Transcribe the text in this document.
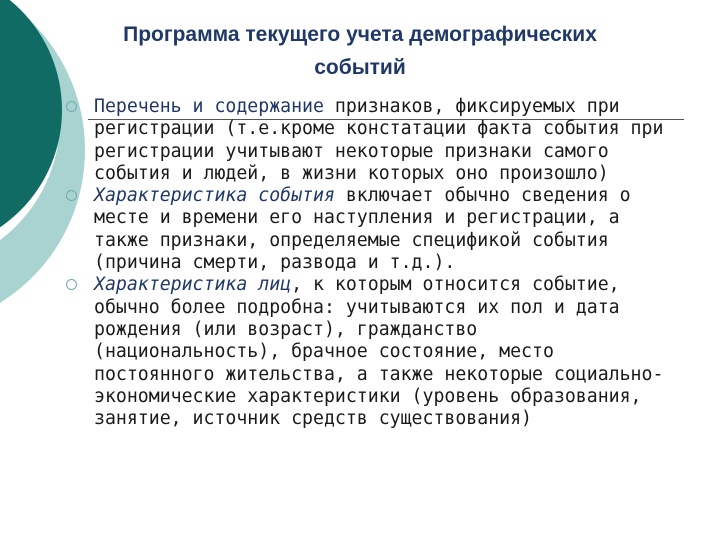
Программа текущего учета демографических
событий
Перечень и содержание признаков, фиксируемых при регистрации (т.е.кроме констатации факта события при регистрации учитывают некоторые признаки самого события и людей, в жизни которых оно произошло)
Характеристика события включает обычно сведения о месте и времени его наступления и регистрации, а также признаки, определяемые спецификой события (причина смерти, развода и т.д.).
Характеристика лиц, к которым относится событие, обычно более подробна: учитываются их пол и дата рождения (или возраст), гражданство (национальность), брачное состояние, место постоянного жительства, а также некоторые социально-экономические характеристики (уровень образования, занятие, источник средств существования)
